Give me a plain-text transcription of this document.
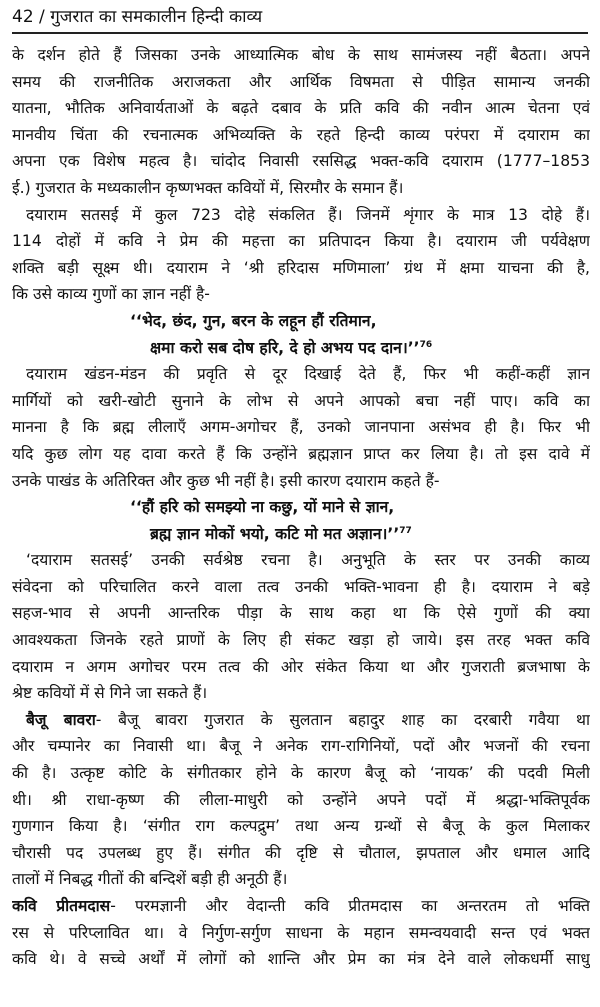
42 / गुजरात का समकालीन हिन्दी काव्य
के दर्शन होते हैं जिसका उनके आध्यात्मिक बोध के साथ सामंजस्य नहीं बैठता। अपने
समय की राजनीतिक अराजकता और आर्थिक विषमता से पीड़ित सामान्य जनकी
यातना, भौतिक अनिवार्यताओं के बढ़ते दबाव के प्रति कवि की नवीन आत्म चेतना एवं
मानवीय चिंता की रचनात्मक अभिव्यक्ति के रहते हिन्दी काव्य परंपरा में दयाराम का
अपना एक विशेष महत्व है। चांदोद निवासी रससिद्ध भक्त-कवि दयाराम (1777–1853
ई.) गुजरात के मध्यकालीन कृष्णभक्त कवियों में, सिरमौर के समान हैं।
दयाराम सतसई में कुल 723 दोहे संकलित हैं। जिनमें शृंगार के मात्र 13 दोहे हैं।
114 दोहों में कवि ने प्रेम की महत्ता का प्रतिपादन किया है। दयाराम जी पर्यवेक्षण
शक्ति बड़ी सूक्ष्म थी। दयाराम ने ‘श्री हरिदास मणिमाला’ ग्रंथ में क्षमा याचना की है,
कि उसे काव्य गुणों का ज्ञान नहीं है-
‘‘भेद, छंद, गुन, बरन के लहून हौं रतिमान,
क्षमा करो सब दोष हरि, दे हो अभय पद दान।’’$^{76}$
दयाराम खंडन-मंडन की प्रवृति से दूर दिखाई देते हैं, फिर भी कहीं-कहीं ज्ञान
मार्गियों को खरी-खोटी सुनाने के लोभ से अपने आपको बचा नहीं पाए। कवि का
मानना है कि ब्रह्म लीलाएँ अगम-अगोचर हैं, उनको जानपाना असंभव ही है। फिर भी
यदि कुछ लोग यह दावा करते हैं कि उन्होंने ब्रह्मज्ञान प्राप्त कर लिया है। तो इस दावे में
उनके पाखंड के अतिरिक्त और कुछ भी नहीं है। इसी कारण दयाराम कहते हैं-
‘‘हौं हरि को समझ्यो ना कछु, यों माने से ज्ञान,
ब्रह्म ज्ञान मोकों भयो, कटि मो मत अज्ञान।’’$^{77}$
‘दयाराम सतसई’ उनकी सर्वश्रेष्ठ रचना है। अनुभूति के स्तर पर उनकी काव्य
संवेदना को परिचालित करने वाला तत्व उनकी भक्ति-भावना ही है। दयाराम ने बड़े
सहज-भाव से अपनी आन्तरिक पीड़ा के साथ कहा था कि ऐसे गुणों की क्या
आवश्यकता जिनके रहते प्राणों के लिए ही संकट खड़ा हो जाये। इस तरह भक्त कवि
दयाराम न अगम अगोचर परम तत्व की ओर संकेत किया था और गुजराती ब्रजभाषा के
श्रेष्ट कवियों में से गिने जा सकते हैं।
बैजू बावरा- बैजू बावरा गुजरात के सुलतान बहादुर शाह का दरबारी गवैया था
और चम्पानेर का निवासी था। बैजू ने अनेक राग-रागिनियों, पदों और भजनों की रचना
की है। उत्कृष्ट कोटि के संगीतकार होने के कारण बैजू को ‘नायक’ की पदवी मिली
थी। श्री राधा-कृष्ण की लीला-माधुरी को उन्होंने अपने पदों में श्रद्धा-भक्तिपूर्वक
गुणगान किया है। ‘संगीत राग कल्पद्रुम’ तथा अन्य ग्रन्थों से बैजू के कुल मिलाकर
चौरासी पद उपलब्ध हुए हैं। संगीत की दृष्टि से चौताल, झपताल और धमाल आदि
तालों में निबद्ध गीतों की बन्दिशें बड़ी ही अनूठी हैं।
कवि प्रीतमदास- परमज्ञानी और वेदान्ती कवि प्रीतमदास का अन्तरतम तो भक्ति
रस से परिप्लावित था। वे निर्गुण-सर्गुण साधना के महान समन्वयवादी सन्त एवं भक्त
कवि थे। वे सच्चे अर्थों में लोगों को शान्ति और प्रेम का मंत्र देने वाले लोकधर्मी साधु
